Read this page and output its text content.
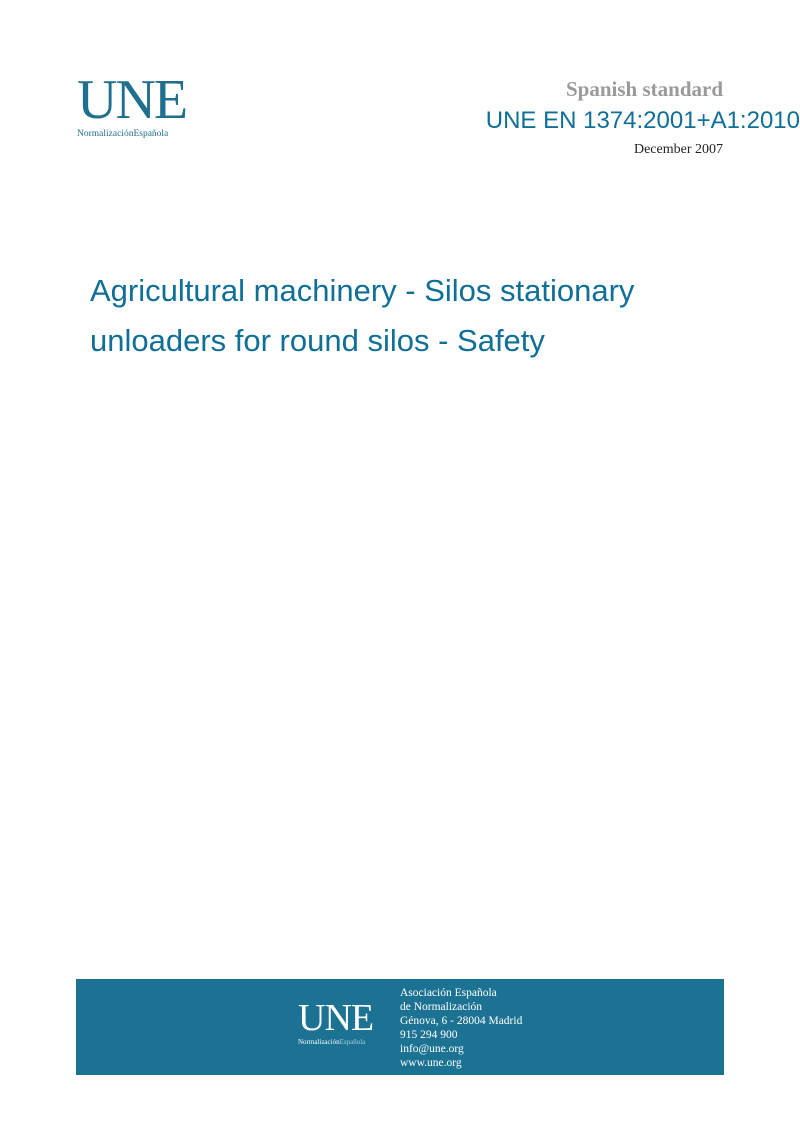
UNE
NormalizaciónEspañola
Spanish standard
UNE EN 1374:2001+A1:2010
December 2007
Agricultural machinery - Silos stationary unloaders for round silos - Safety
UNE
NormalizaciónEspañola
Asociación Española
de Normalización
Génova, 6 - 28004 Madrid
915 294 900
info@une.org
www.une.org
